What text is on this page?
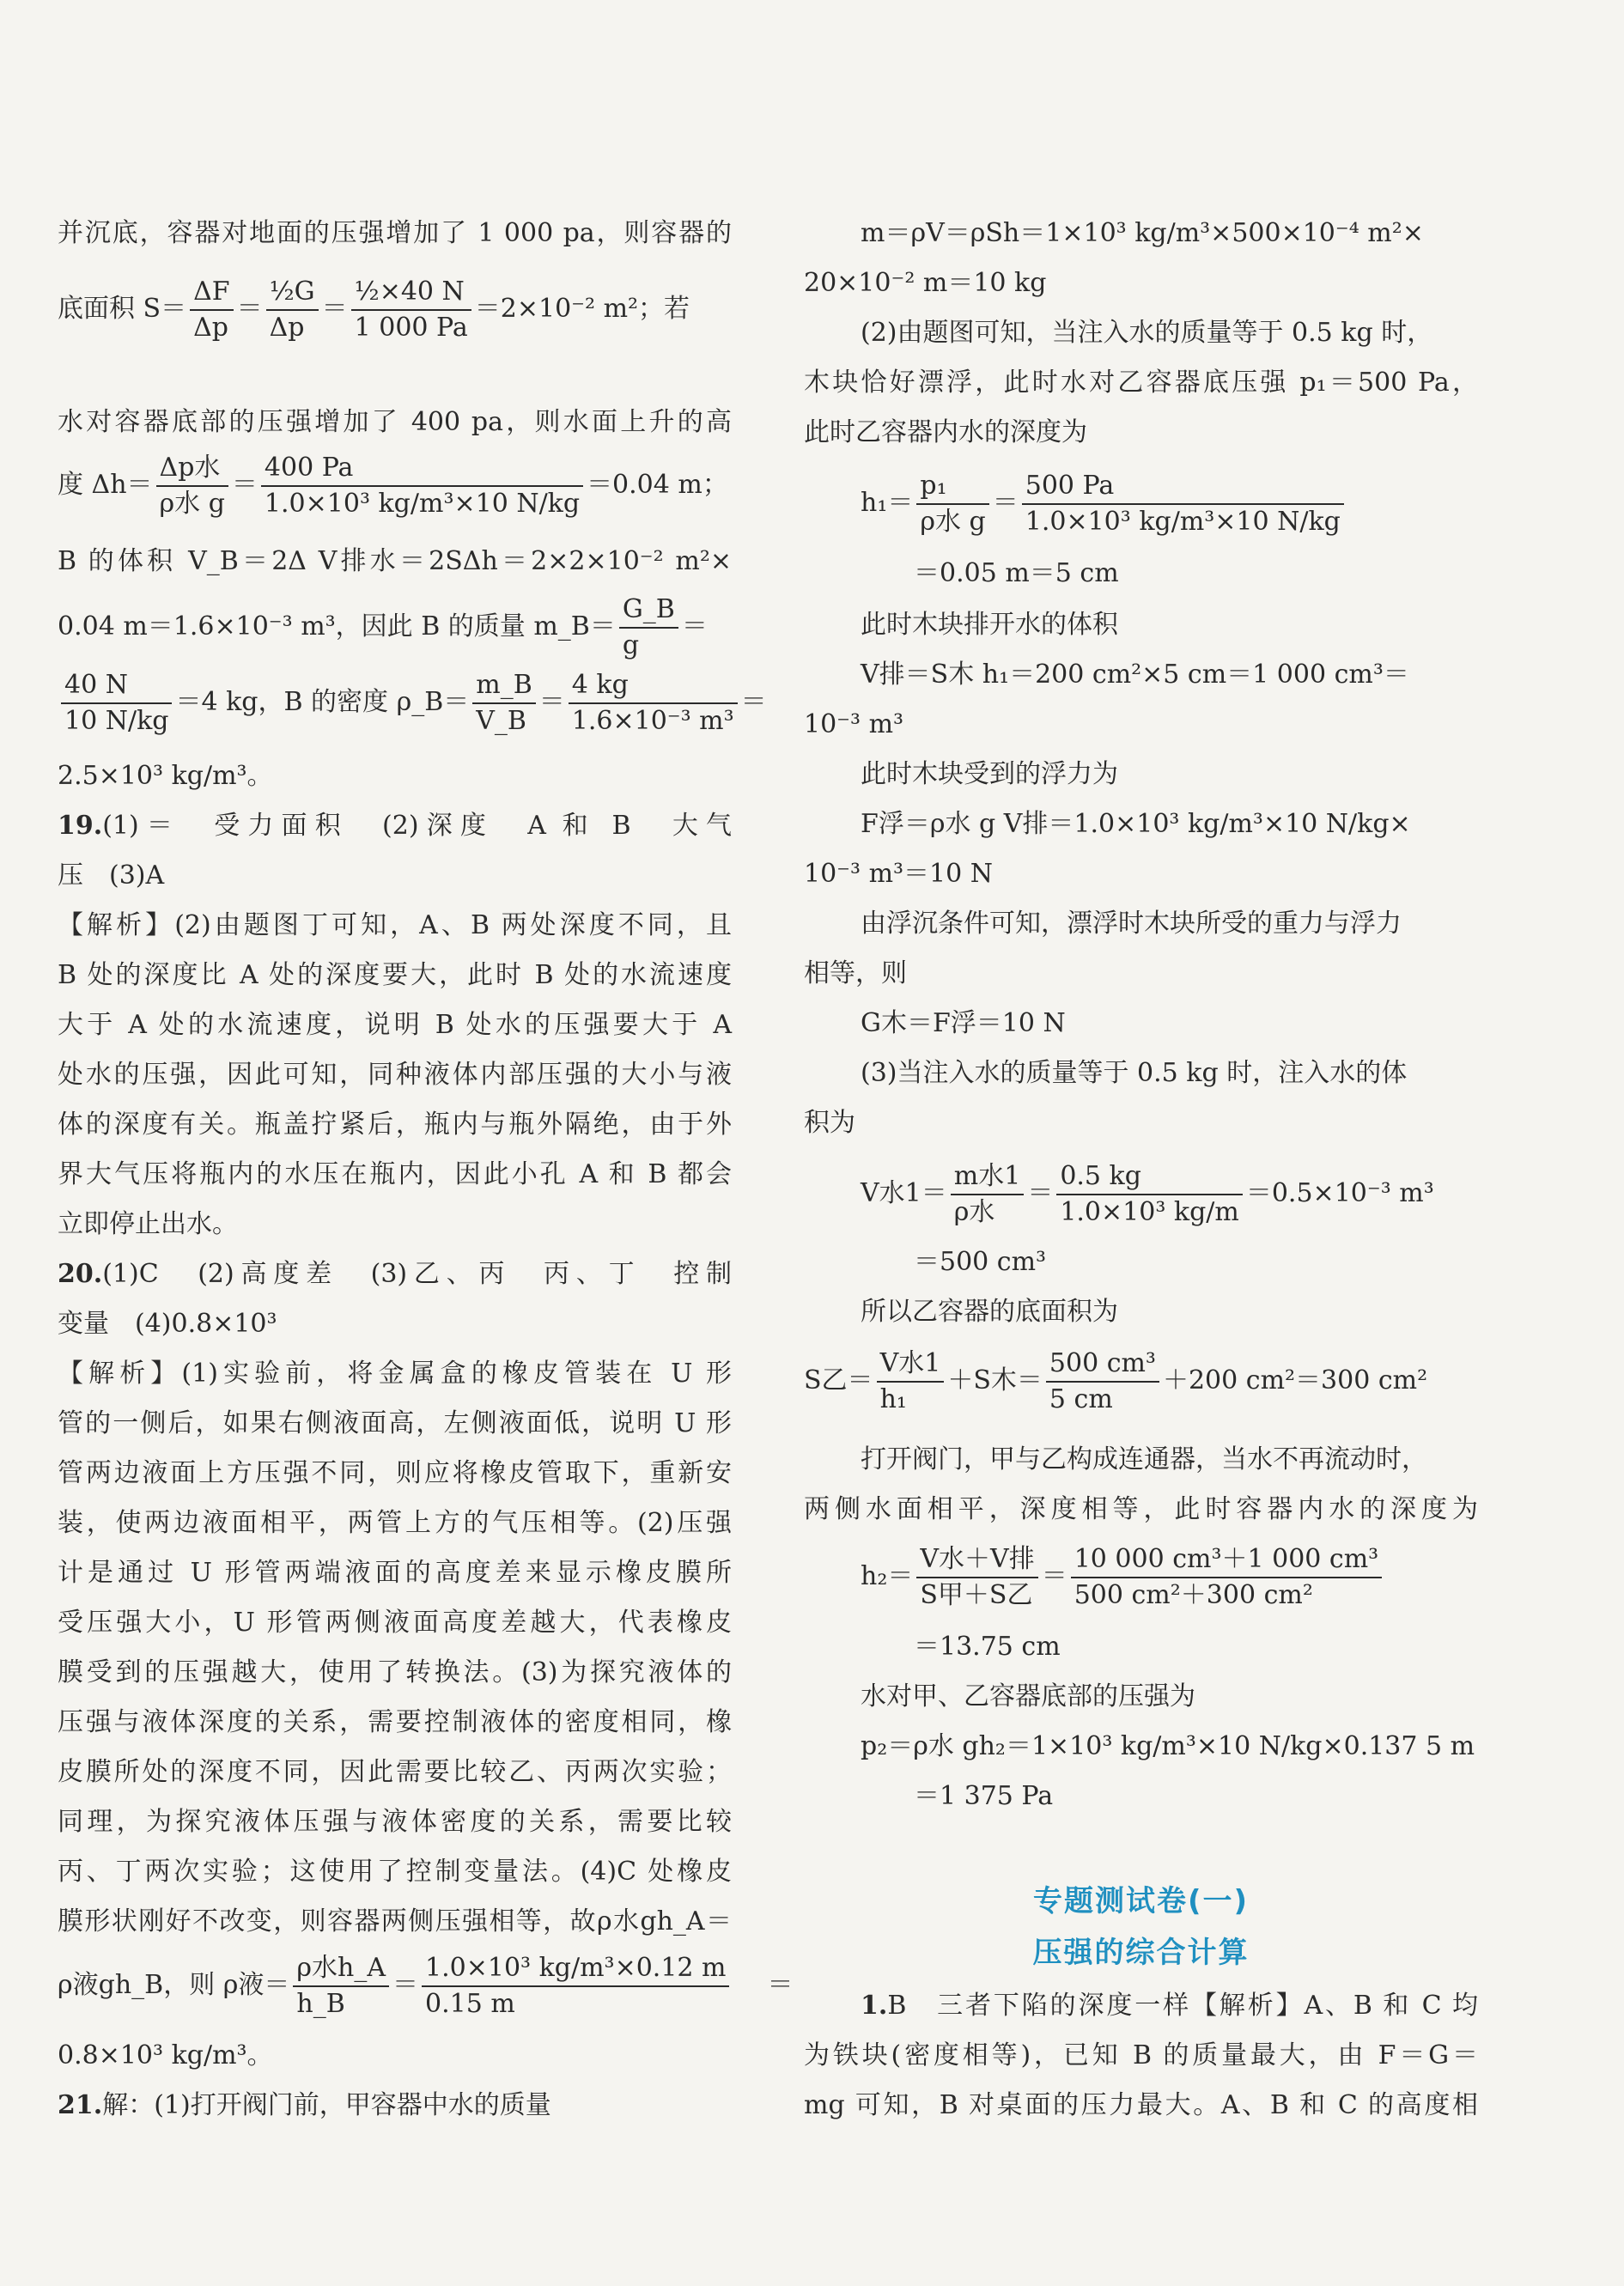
并沉底，容器对地面的压强增加了 1 000 pa，则容器的
底面积 $S= \frac{\Delta F}{\Delta p} = \frac{\text{½G}}{\Delta p} = \frac{\text{½×40 N}}{1 000 Pa} =2\times 10^{-2}$ m²；若
水对容器底部的压强增加了 400 pa，则水面上升的高
度 $\Delta h= \frac{\text{Δp水}}{\text{ρ水 g}} = \frac{400 Pa}{\text{1.0×10³ kg/m³×10 N/kg}} =0.04$ m；
B 的体积 V_B＝2Δ V排水＝2SΔh＝2×2×10⁻² m²×
0.04 m＝1.6×10⁻³ m³，因此 B 的质量 m_B＝ $\frac{G\_B}{g}$ ＝
$\frac{40 N}{10 N/kg} =4$ kg，B 的密度 ρ_B＝ $\frac{m\_B}{V\_B} = \frac{4 kg}{\text{1.6×10⁻³ m³}}$ ＝
2.5×10³ kg/m³。
19.(1)＝　受力面积　(2)深度　A 和 B　大气
压　(3)A
【解析】(2)由题图丁可知，A、B 两处深度不同，且
B 处的深度比 A 处的深度要大，此时 B 处的水流速度
大于 A 处的水流速度，说明 B 处水的压强要大于 A
处水的压强，因此可知，同种液体内部压强的大小与液
体的深度有关。瓶盖拧紧后，瓶内与瓶外隔绝，由于外
界大气压将瓶内的水压在瓶内，因此小孔 A 和 B 都会
立即停止出水。
20.(1)C　(2)高度差　(3)乙、丙　丙、丁　控制
变量　(4)0.8×10³
【解析】(1)实验前，将金属盒的橡皮管装在 U 形
管的一侧后，如果右侧液面高，左侧液面低，说明 U 形
管两边液面上方压强不同，则应将橡皮管取下，重新安
装，使两边液面相平，两管上方的气压相等。(2)压强
计是通过 U 形管两端液面的高度差来显示橡皮膜所
受压强大小，U 形管两侧液面高度差越大，代表橡皮
膜受到的压强越大，使用了转换法。(3)为探究液体的
压强与液体深度的关系，需要控制液体的密度相同，橡
皮膜所处的深度不同，因此需要比较乙、丙两次实验；
同理，为探究液体压强与液体密度的关系，需要比较
丙、丁两次实验；这使用了控制变量法。(4)C 处橡皮
膜形状刚好不改变，则容器两侧压强相等，故ρ水gh_A＝
ρ液gh_B，则 ρ液＝ $\frac{\text{ρ水h\_A}}{h\_B} = \frac{\text{1.0×10³ kg/m³×0.12 m}}{0.15 m}$ ＝
0.8×10³ kg/m³。
21.解：(1)打开阀门前，甲容器中水的质量
m＝ρV＝ρSh＝1×10³ kg/m³×500×10⁻⁴ m²×
20×10⁻² m＝10 kg
(2)由题图可知，当注入水的质量等于 0.5 kg 时，
木块恰好漂浮，此时水对乙容器底压强 p₁＝500 Pa，
此时乙容器内水的深度为
$h_1= \frac{\text{p₁}}{\text{ρ水 g}} = \frac{500 Pa}{\text{1.0×10³ kg/m³×10 N/kg}}$
＝0.05 m＝5 cm
此时木块排开水的体积
V排＝S木 h₁＝200 cm²×5 cm＝1 000 cm³＝
10⁻³ m³
此时木块受到的浮力为
F浮＝ρ水 g V排＝1.0×10³ kg/m³×10 N/kg×
10⁻³ m³＝10 N
由浮沉条件可知，漂浮时木块所受的重力与浮力
相等，则
G木＝F浮＝10 N
(3)当注入水的质量等于 0.5 kg 时，注入水的体
积为
V水$1= \frac{\text{m水1}}{\text{ρ水}} = \frac{0.5 kg}{\text{1.0×10³ kg/m}} =0.5\times 10^{-3}$ m³
＝500 cm³
所以乙容器的底面积为
S乙＝ $\frac{\text{V水1}}{\text{h₁}} +S$木＝ $\frac{\text{500 cm³}}{5 cm} +200$ cm²＝300 cm²
打开阀门，甲与乙构成连通器，当水不再流动时，
两侧水面相平，深度相等，此时容器内水的深度为
$h_2= \frac{\text{V水＋V排}}{\text{S甲＋S乙}} = \frac{\text{10 000 cm³＋1 000 cm³}}{\text{500 cm²＋300 cm²}}$
＝13.75 cm
水对甲、乙容器底部的压强为
p₂＝ρ水 gh₂＝1×10³ kg/m³×10 N/kg×0.137 5 m
＝1 375 Pa
专题测试卷(一)
压强的综合计算
1.B　三者下陷的深度一样【解析】A、B 和 C 均
为铁块(密度相等)，已知 B 的质量最大，由 F＝G＝
mg 可知，B 对桌面的压力最大。A、B 和 C 的高度相
